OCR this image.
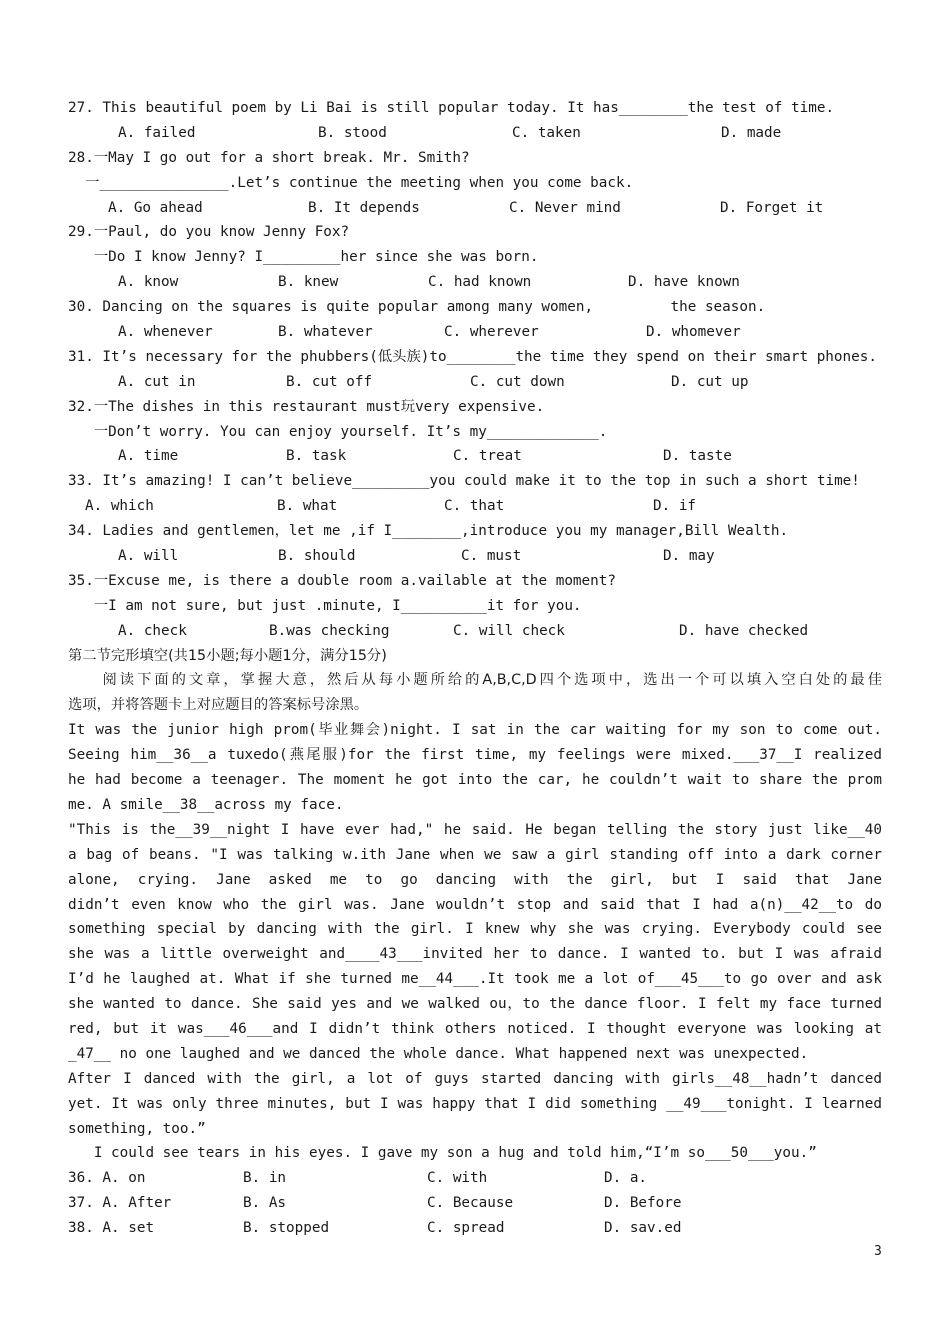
27. This beautiful poem by Li Bai is still popular today. It has________the test of time.
A. failed	B. stood	C. taken	D. made
28.一May I go out for a short break. Mr. Smith?
一_______________.Let’s continue the meeting when you come back.
A. Go ahead	B. It depends	C. Never mind	D. Forget it
29.一Paul, do you know Jenny Fox?
一Do I know Jenny? I_________her since she was born.
A. know	B. knew	C. had known	D. have known
30. Dancing on the squares is quite popular among many women,         the season.
A. whenever	B. whatever	C. wherever	D. whomever
31. It’s necessary for the phubbers(低头族)to________the time they spend on their smart phones.
A. cut in	B. cut off	C. cut down	D. cut up
32.一The dishes in this restaurant must玩very expensive.
一Don’t worry. You can enjoy yourself. It’s my_____________.
A. time	B. task	C. treat	D. taste
33. It’s amazing! I can’t believe_________you could make it to the top in such a short time!
A. which	B. what	C. that	D. if
34. Ladies and gentlemen，let me ,if I________,introduce you my manager,Bill Wealth.
A. will	B. should	C. must	D. may
35.一Excuse me, is there a double room a.vailable at the moment?
一I am not sure, but just .minute, I__________it for you.
A. check	B.was checking	C. will check	D. have checked
第二节完形填空(共15小题;每小题1分，满分15分)
　　阅读下面的文章，掌握大意，然后从每小题所给的A,B,C,D四个选项中，选出一个可以填入空白处的最佳
选项，并将答题卡上对应题目的答案标号涂黑。
It was the junior high prom(毕业舞会)night. I sat in the car waiting for my son to come out.
Seeing him__36__a tuxedo(燕尾服)for the first time, my feelings were mixed.___37__I realized
he had become a teenager. The moment he got into the car, he couldn’t wait to share the prom
me. A smile__38__across my face.
"This is the__39__night I have ever had," he said. He began telling the story just like__40
a bag of beans. "I was talking w.ith Jane when we saw a girl standing off into a dark corner
alone, crying. Jane asked me to go dancing with the girl, but I said that Jane
didn’t even know who the girl was. Jane wouldn’t stop and said that I had a(n)__42__to do
something special by dancing with the girl. I knew why she was crying. Everybody could see
she was a little overweight and____43___invited her to dance. I wanted to. but I was afraid
I’d he laughed at. What if she turned me__44___.It took me a lot of___45___to go over and ask
she wanted to dance. She said yes and we walked ou，to the dance floor. I felt my face turned
red, but it was___46___and I didn’t think others noticed. I thought everyone was looking at
_47__ no one laughed and we danced the whole dance. What happened next was unexpected.
After I danced with the girl, a lot of guys started dancing with girls__48__hadn’t danced
yet. It was only three minutes, but I was happy that I did something __49___tonight. I learned
something, too.”
I could see tears in his eyes. I gave my son a hug and told him,“I’m so___50___you.”
36. A. on	B. in	C. with	D. a.
37. A. After	B. As	C. Because	D. Before
38. A. set	B. stopped	C. spread	D. sav.ed
3
